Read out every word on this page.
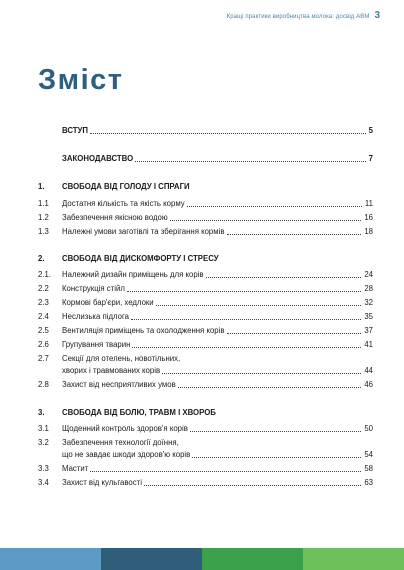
Кращі практики виробництва молока: досвід АВМ 3
Зміст
ВСТУП	5
ЗАКОНОДАВСТВО	7
1.	СВОБОДА ВІД ГОЛОДУ І СПРАГИ
1.1	Достатня кількість та якість корму	11
1.2	Забезпечення якісною водою	16
1.3	Належні умови заготівлі та зберігання кормів	18
2.	СВОБОДА ВІД ДИСКОМФОРТУ І СТРЕСУ
2.1.	Належний дизайн приміщень для корів	24
2.2	Конструкція стійл	28
2.3	Кормові бар'єри, хедлоки	32
2.4	Неслизька підлога	35
2.5	Вентиляція приміщень та охолодження корів	37
2.6	Групування тварин	41
2.7	Секції для отелень, новотільних,
хворих і травмованих корів	44
2.8	Захист від несприятливих умов	46
3.	СВОБОДА ВІД БОЛЮ, ТРАВМ І ХВОРОБ
3.1	Щоденний контроль здоров'я корів	50
3.2	Забезпечення технології доїння,
що не завдає шкоди здоров'ю корів	54
3.3	Мастит	58
3.4	Захист від кульгавості	63
